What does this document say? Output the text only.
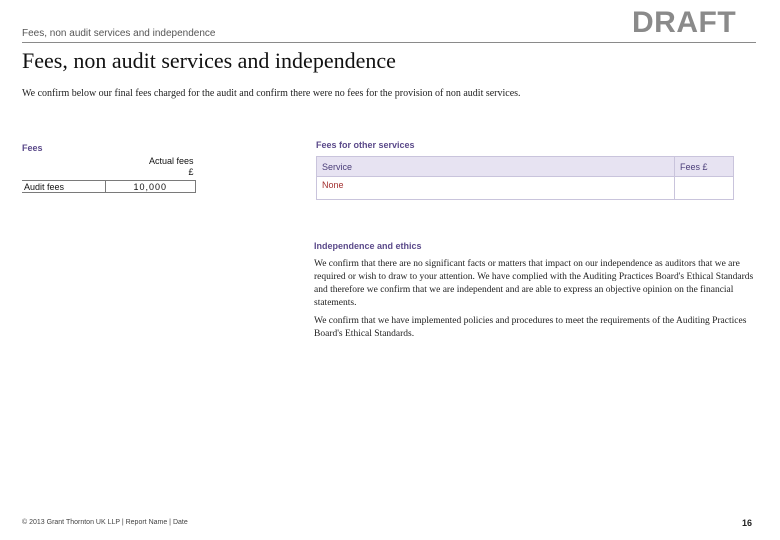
Fees, non audit services and independence	DRAFT
Fees, non audit services and independence
We confirm below our final fees charged for the audit and confirm there were no fees for the provision of non audit services.
Fees

	Actual fees
£

Audit fees	10,000
Fees for other services
Service	Fees £
None	
Independence and ethics
We confirm that there are no significant facts or matters that impact on our independence as auditors that we are required or wish to draw to your attention. We have complied with the Auditing Practices Board's Ethical Standards and therefore we confirm that we are independent and are able to express an objective opinion on the financial statements.
We confirm that we have implemented policies and procedures to meet the requirements of the Auditing Practices Board's Ethical Standards.
© 2013 Grant Thornton UK LLP | Report Name | Date	16
